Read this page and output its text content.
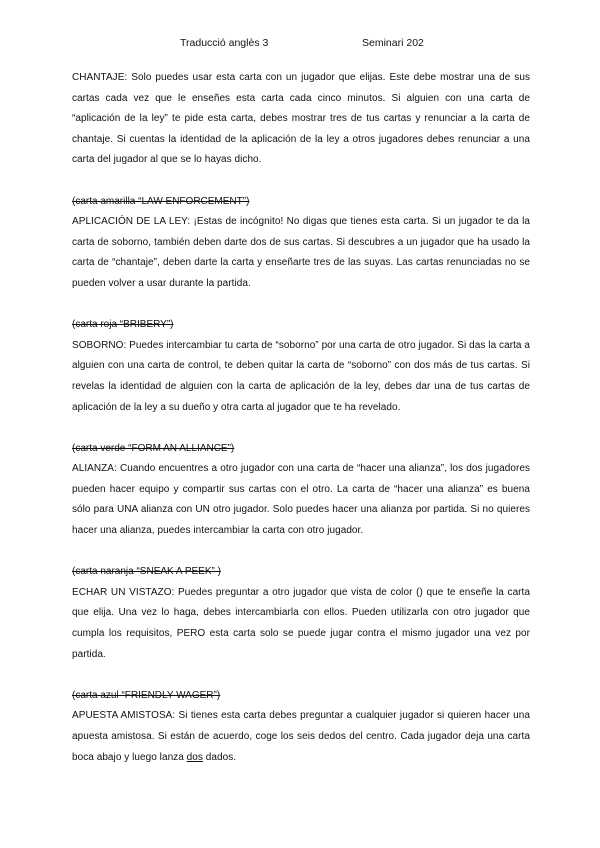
Traducció anglès 3	Seminari 202

CHANTAJE: Solo puedes usar esta carta con un jugador que elijas. Este debe mostrar una de sus cartas cada vez que le enseñes esta carta cada cinco minutos. Si alguien con una carta de “aplicación de la ley” te pide esta carta, debes mostrar tres de tus cartas y renunciar a la carta de chantaje. Si cuentas la identidad de la aplicación de la ley a otros jugadores debes renunciar a una carta del jugador al que se lo hayas dicho.

(carta amarilla “LAW ENFORCEMENT”)

APLICACIÓN DE LA LEY: ¡Estas de incógnito! No digas que tienes esta carta. Si un jugador te da la carta de soborno, también deben darte dos de sus cartas. Si descubres a un jugador que ha usado la carta de “chantaje”, deben darte la carta y enseñarte tres de las suyas. Las cartas renunciadas no se pueden volver a usar durante la partida.

(carta roja “BRIBERY”)

SOBORNO: Puedes intercambiar tu carta de “soborno” por una carta de otro jugador. Si das la carta a alguien con una carta de control, te deben quitar la carta de “soborno” con dos más de tus cartas. Si revelas la identidad de alguien con la carta de aplicación de la ley, debes dar una de tus cartas de aplicación de la ley a su dueño y otra carta al jugador que te ha revelado.

(carta verde “FORM AN ALLIANCE”)

ALIANZA: Cuando encuentres a otro jugador con una carta de “hacer una alianza”, los dos jugadores pueden hacer equipo y compartir sus cartas con el otro. La carta de “hacer una alianza” es buena sólo para UNA alianza con UN otro jugador. Solo puedes hacer una alianza por partida. Si no quieres hacer una alianza, puedes intercambiar la carta con otro jugador.

(carta naranja “SNEAK A PEEK” )

ECHAR UN VISTAZO: Puedes preguntar a otro jugador que vista de color () que te enseñe la carta que elija. Una vez lo haga, debes intercambiarla con ellos. Pueden utilizarla con otro jugador que cumpla los requisitos, PERO esta carta solo se puede jugar contra el mismo jugador una vez por partida.

(carta azul “FRIENDLY WAGER”)

APUESTA AMISTOSA: Si tienes esta carta debes preguntar a cualquier jugador si quieren hacer una apuesta amistosa. Si están de acuerdo, coge los seis dedos del centro. Cada jugador deja una carta boca abajo y luego lanza dos dados.
